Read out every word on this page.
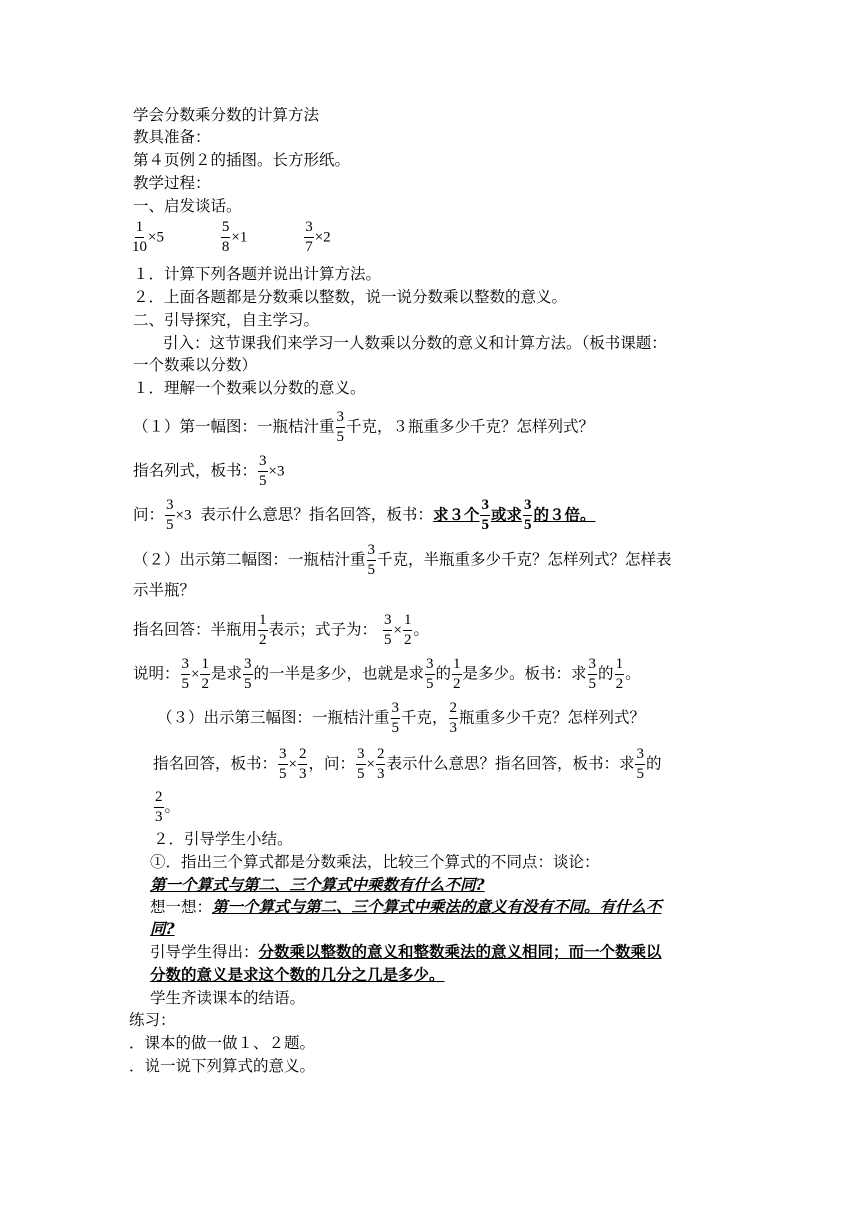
学会分数乘分数的计算方法
教具准备：
第４页例２的插图。长方形纸。
教学过程：
一、启发谈话。
$\frac{1}{10} \times 5$	$\frac{5}{8} \times 1$	$\frac{3}{7} \times 2$
１．计算下列各题并说出计算方法。
２．上面各题都是分数乘以整数，说一说分数乘以整数的意义。
二、引导探究，自主学习。
引入：这节课我们来学习一人数乘以分数的意义和计算方法。（板书课题：
一个数乘以分数）
１．理解一个数乘以分数的意义。
（１）第一幅图：一瓶桔汁重 $\frac{3}{5}$ 千克，３瓶重多少千克？怎样列式？
指名列式，板书： $\frac{3}{5} \times 3$
问： $\frac{3}{5} \times 3$ 表示什么意思？指名回答，板书：求３个 $\frac{3}{5}$ 或求 $\frac{3}{5}$ 的３倍。
（２）出示第二幅图：一瓶桔汁重 $\frac{3}{5}$ 千克，半瓶重多少千克？怎样列式？怎样表
示半瓶？
指名回答：半瓶用 $\frac{1}{2}$ 表示；式子为： $\frac{3}{5} \times \frac{1}{2}$ 。
说明： $\frac{3}{5} \times \frac{1}{2}$ 是求 $\frac{3}{5}$ 的一半是多少，也就是求 $\frac{3}{5}$ 的 $\frac{1}{2}$ 是多少。板书：求 $\frac{3}{5}$ 的 $\frac{1}{2}$ 。
（３）出示第三幅图：一瓶桔汁重 $\frac{3}{5}$ 千克， $\frac{2}{3}$ 瓶重多少千克？怎样列式？
指名回答，板书： $\frac{3}{5} \times \frac{2}{3}$ ，问： $\frac{3}{5} \times \frac{2}{3}$ 表示什么意思？指名回答，板书：求 $\frac{3}{5}$ 的
$\frac{2}{3}$ 。
２．引导学生小结。
①．指出三个算式都是分数乘法，比较三个算式的不同点：谈论：
第一个算式与第二、三个算式中乘数有什么不同?
想一想：第一个算式与第二、三个算式中乘法的意义有没有不同。有什么不
同?
引导学生得出：分数乘以整数的意义和整数乘法的意义相同；而一个数乘以
分数的意义是求这个数的几分之几是多少。
学生齐读课本的结语。
练习：
．课本的做一做１、２题。
．说一说下列算式的意义。
